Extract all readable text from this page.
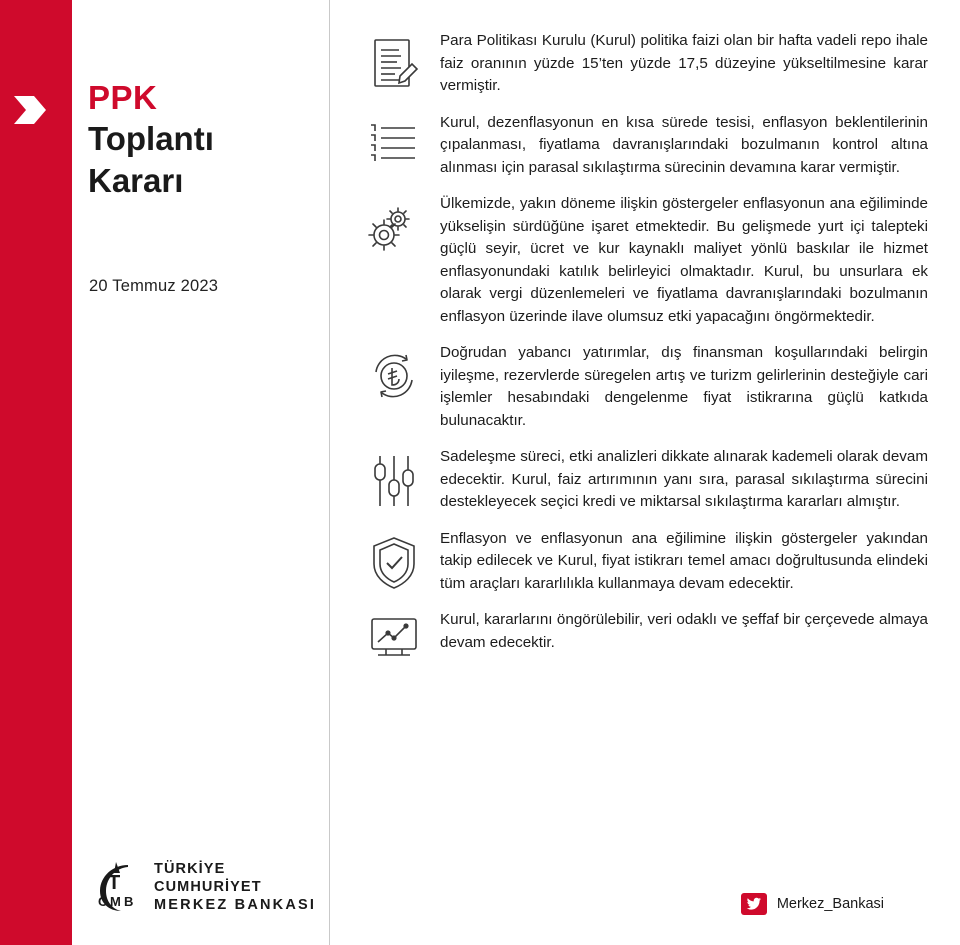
PPK
Toplantı
Kararı
20 Temmuz 2023
C M B
T
TÜRKİYE CUMHURİYET
MERKEZ BANKASI
Para Politikası Kurulu (Kurul) politika faizi olan bir hafta vadeli repo ihale faiz oranının yüzde 15’ten yüzde 17,5 düzeyine yükseltilmesine karar vermiştir.
Kurul, dezenflasyonun en kısa sürede tesisi, enflasyon beklentilerinin çıpalanması, fiyatlama davranışlarındaki bozulmanın kontrol altına alınması için parasal sıkılaştırma sürecinin devamına karar vermiştir.
Ülkemizde, yakın döneme ilişkin göstergeler enflasyonun ana eğiliminde yükselişin sürdüğüne işaret etmektedir. Bu gelişmede yurt içi talepteki güçlü seyir, ücret ve kur kaynaklı maliyet yönlü baskılar ile hizmet enflasyonundaki katılık belirleyici olmaktadır. Kurul, bu unsurlara ek olarak vergi düzenlemeleri ve fiyatlama davranışlarındaki bozulmanın enflasyon üzerinde ilave olumsuz etki yapacağını öngörmektedir.
Doğrudan yabancı yatırımlar, dış finansman koşullarındaki belirgin iyileşme, rezervlerde süregelen artış ve turizm gelirlerinin desteğiyle cari işlemler hesabındaki dengelenme fiyat istikrarına güçlü katkıda bulunacaktır.
Sadeleşme süreci, etki analizleri dikkate alınarak kademeli olarak devam edecektir. Kurul, faiz artırımının yanı sıra, parasal sıkılaştırma sürecini destekleyecek seçici kredi ve miktarsal sıkılaştırma kararları almıştır.
Enflasyon ve enflasyonun ana eğilimine ilişkin göstergeler yakından takip edilecek ve Kurul, fiyat istikrarı temel amacı doğrultusunda elindeki tüm araçları kararlılıkla kullanmaya devam edecektir.
Kurul, kararlarını öngörülebilir, veri odaklı ve şeffaf bir çerçevede almaya devam edecektir.
Merkez_Bankasi
